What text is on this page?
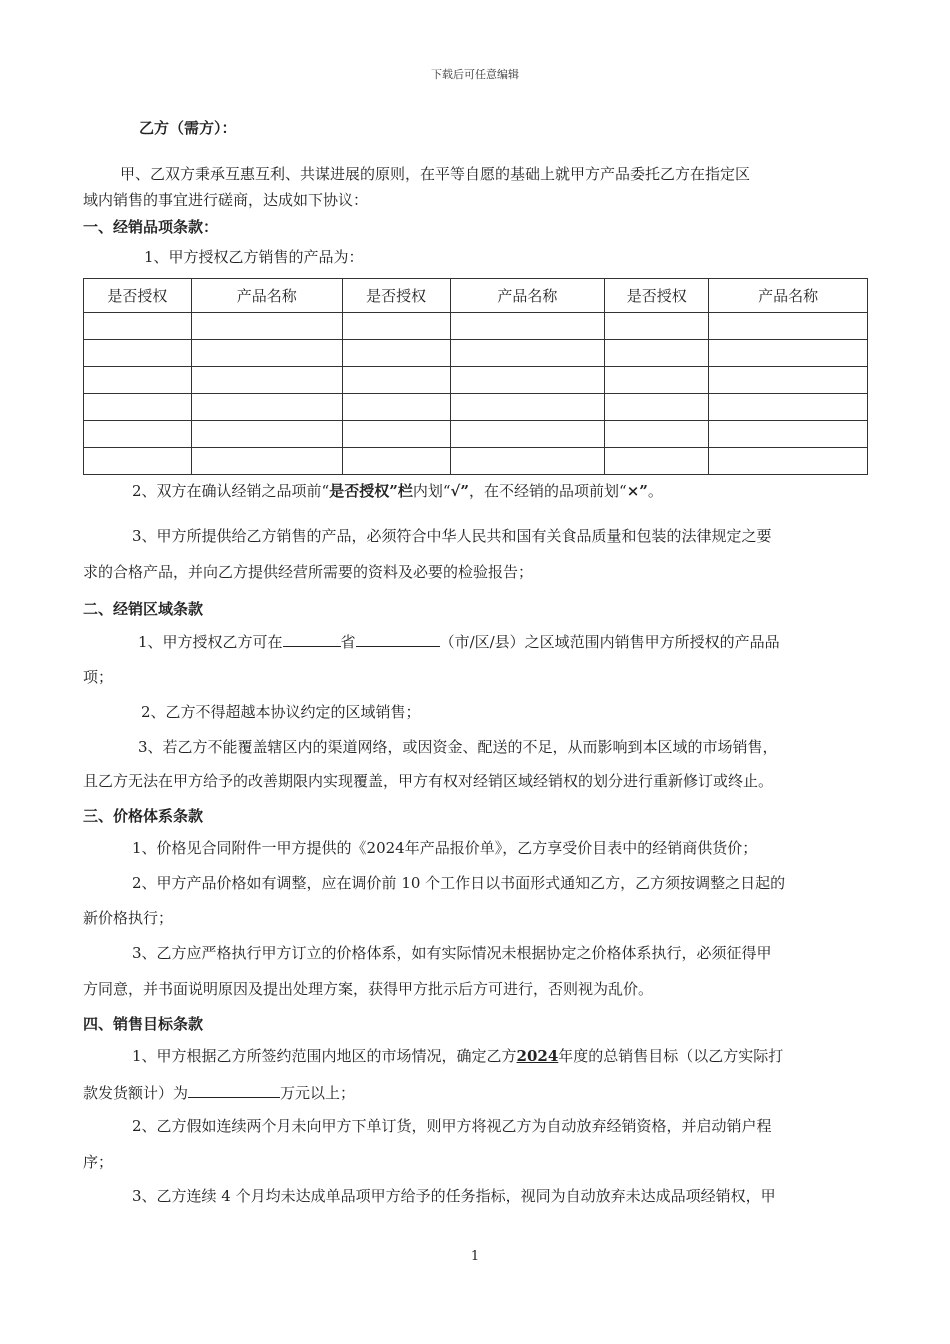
下载后可任意编辑
乙方（需方）：
甲、乙双方秉承互惠互利、共谋进展的原则，在平等自愿的基础上就甲方产品委托乙方在指定区
域内销售的事宜进行磋商，达成如下协议：
一、经销品项条款：
1、甲方授权乙方销售的产品为：
是否授权	产品名称	是否授权	产品名称	是否授权	产品名称

2、双方在确认经销之品项前“是否授权”栏内划“√”，在不经销的品项前划“×”。
3、甲方所提供给乙方销售的产品，必须符合中华人民共和国有关食品质量和包装的法律规定之要
求的合格产品，并向乙方提供经营所需要的资料及必要的检验报告；
二、经销区域条款
1、甲方授权乙方可在	省	（市/区/县）之区域范围内销售甲方所授权的产品品
项；
2、乙方不得超越本协议约定的区域销售；
3、若乙方不能覆盖辖区内的渠道网络，或因资金、配送的不足，从而影响到本区域的市场销售，
且乙方无法在甲方给予的改善期限内实现覆盖，甲方有权对经销区域经销权的划分进行重新修订或终止。
三、价格体系条款
1、价格见合同附件一甲方提供的《2024年产品报价单》，乙方享受价目表中的经销商供货价；
2、甲方产品价格如有调整，应在调价前 10 个工作日以书面形式通知乙方，乙方须按调整之日起的
新价格执行；
3、乙方应严格执行甲方订立的价格体系，如有实际情况未根据协定之价格体系执行，必须征得甲
方同意，并书面说明原因及提出处理方案，获得甲方批示后方可进行，否则视为乱价。
四、销售目标条款
1、甲方根据乙方所签约范围内地区的市场情况，确定乙方2024年度的总销售目标（以乙方实际打
款发货额计）为	万元以上；
2、乙方假如连续两个月未向甲方下单订货，则甲方将视乙方为自动放弃经销资格，并启动销户程
序；
3、乙方连续 4 个月均未达成单品项甲方给予的任务指标，视同为自动放弃未达成品项经销权，甲
1
